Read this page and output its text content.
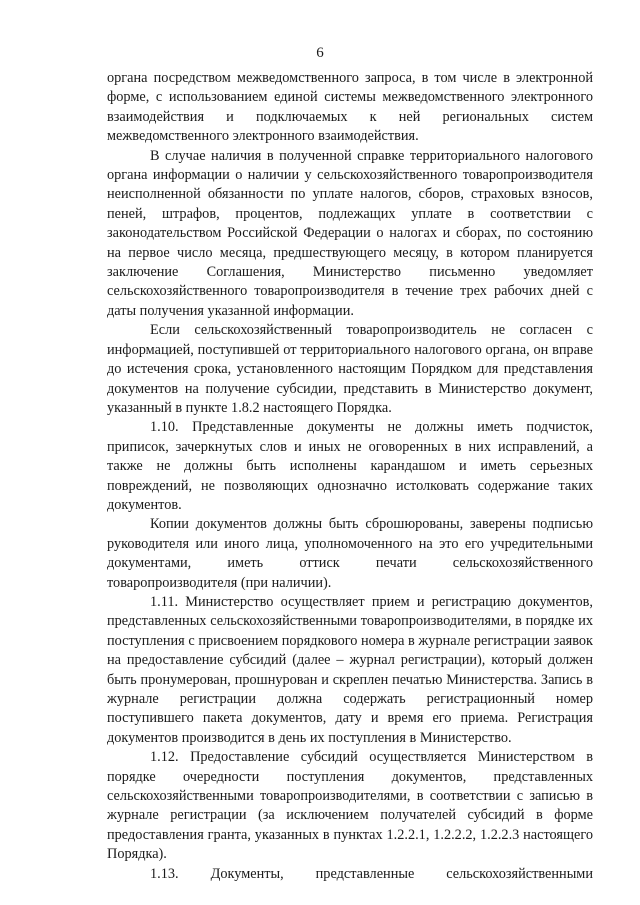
6

органа посредством межведомственного запроса, в том числе в электронной форме, с использованием единой системы межведомственного электронного взаимодействия и подключаемых к ней региональных систем межведомственного электронного взаимодействия.

В случае наличия в полученной справке территориального налогового органа информации о наличии у сельскохозяйственного товаропроизводителя неисполненной обязанности по уплате налогов, сборов, страховых взносов, пеней, штрафов, процентов, подлежащих уплате в соответствии с законодательством Российской Федерации о налогах и сборах, по состоянию на первое число месяца, предшествующего месяцу, в котором планируется заключение Соглашения, Министерство письменно уведомляет сельскохозяйственного товаропроизводителя в течение трех рабочих дней с даты получения указанной информации.

Если сельскохозяйственный товаропроизводитель не согласен с информацией, поступившей от территориального налогового органа, он вправе до истечения срока, установленного настоящим Порядком для представления документов на получение субсидии, представить в Министерство документ, указанный в пункте 1.8.2 настоящего Порядка.

1.10. Представленные документы не должны иметь подчисток, приписок, зачеркнутых слов и иных не оговоренных в них исправлений, а также не должны быть исполнены карандашом и иметь серьезных повреждений, не позволяющих однозначно истолковать содержание таких документов.

Копии документов должны быть сброшюрованы, заверены подписью руководителя или иного лица, уполномоченного на это его учредительными документами, иметь оттиск печати сельскохозяйственного товаропроизводителя (при наличии).

1.11. Министерство осуществляет прием и регистрацию документов, представленных сельскохозяйственными товаропроизводителями, в порядке их поступления с присвоением порядкового номера в журнале регистрации заявок на предоставление субсидий (далее – журнал регистрации), который должен быть пронумерован, прошнурован и скреплен печатью Министерства. Запись в журнале регистрации должна содержать регистрационный номер поступившего пакета документов, дату и время его приема. Регистрация документов производится в день их поступления в Министерство.

1.12. Предоставление субсидий осуществляется Министерством в порядке очередности поступления документов, представленных сельскохозяйственными товаропроизводителями, в соответствии с записью в журнале регистрации (за исключением получателей субсидий в форме предоставления гранта, указанных в пунктах 1.2.2.1, 1.2.2.2, 1.2.2.3 настоящего Порядка).

1.13. Документы, представленные сельскохозяйственными
